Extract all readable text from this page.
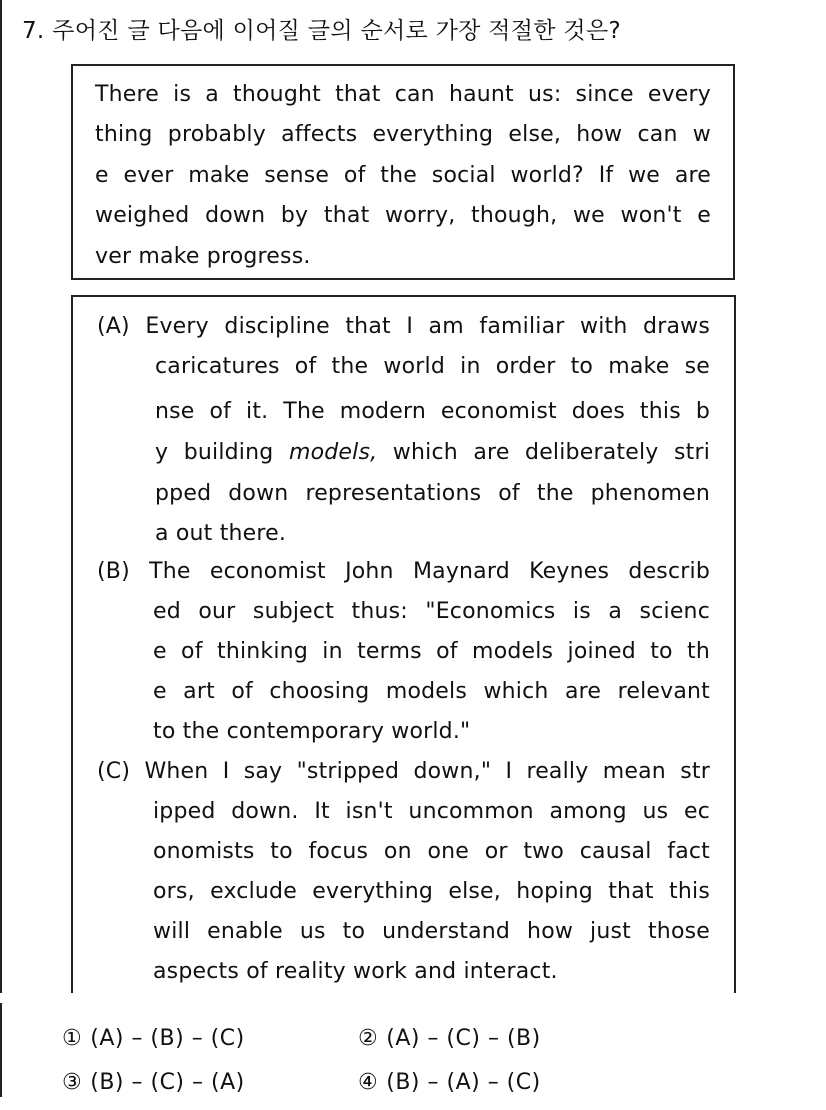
7. 주어진 글 다음에 이어질 글의 순서로 가장 적절한 것은?
There is a thought that can haunt us: since every
thing probably affects everything else, how can w
e ever make sense of the social world? If we are
weighed down by that worry, though, we won't e
ver make progress.
(A) Every discipline that I am familiar with draws
caricatures of the world in order to make se
nse of it. The modern economist does this b
y building models, which are deliberately stri
pped down representations of the phenomen
a out there.
(B) The economist John Maynard Keynes describ
ed our subject thus: "Economics is a scienc
e of thinking in terms of models joined to th
e art of choosing models which are relevant
to the contemporary world."
(C) When I say "stripped down," I really mean str
ipped down. It isn't uncommon among us ec
onomists to focus on one or two causal fact
ors, exclude everything else, hoping that this
will enable us to understand how just those
aspects of reality work and interact.
① (A) – (B) – (C)	② (A) – (C) – (B)
③ (B) – (C) – (A)	④ (B) – (A) – (C)
